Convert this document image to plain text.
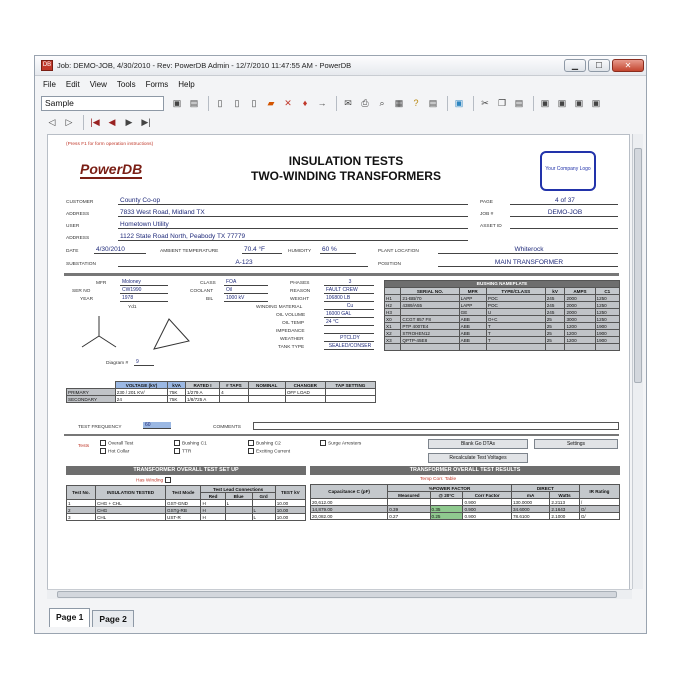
DB Job: DEMO-JOB, 4/30/2010 - Rev: PowerDB Admin - 12/7/2010 11:47:55 AM - PowerDB	▁	☐	✕
File Edit View Tools Forms Help
Sample	▣ ▤	▯	▯	▯	▰	✕	♦	→	✉	⎙	⌕	▦	?	▤	▣	✂	❐ ▤	▣ ▣ ▣ ▣
◁	▷	|◀ ◀	▶ ▶|
(Press F1 for form operation instructions)
PowerDB	INSULATION TESTS
TWO-WINDING TRANSFORMERS	Your Company Logo
CUSTOMER	County Co-op
ADDRESS	7833 West Road, Midland TX
USER	Hometown Utility
ADDRESS	1122 State Road North, Peabody TX 77779
PAGE	4 of 37
JOB #	DEMO-JOB
ASSET ID
DATE	4/30/2010	AMBIENT TEMPERATURE	70.4 °F	HUMIDITY	60 %	PLANT LOCATION	Whiterock
SUBSTATION	A-123	POSITION	MAIN TRANSFORMER
MFR	Moloney	CLASS	FOA	PHASES	3
SER NO	CW1990	COOLANT	Oil	REASON	FAULT CREW
YEAR	1978	BIL	1000 kV	WEIGHT	106800 LB
WINDING MATERIAL	Cu
OIL VOLUME	16000 GAL
OIL TEMP	24 °C
IMPEDANCE
WEATHER	PTCLDY
TANK TYPE	SEALED/CONSER
Yd1
Diagram #	9
BUSHING NAMEPLATE						
	SERIAL NO.	MFR	TYPE/CLASS	kV	AMPS	C1
H1	21-BB/70	LAPP	POC	245	2000	1250
H2	4389/A55	LAPP	POC	245	2000	1250
H3		GE	U	245	2000	1250
X0	CCGT 857 F8	ABB	O+C	25	3000	1250
X1	PTP 4007E4	ABB	T	25	1200	1900
X2	STROHEN12	ABB	T	25	1200	1900
X3	QPTP-45E8	ABB	T	25	1200	1900

	VOLTAGE (kV)	kVA	RATED I	# TAPS	NOMINAL	CHANGER	TAP SETTING
PRIMARY	230 / 201 KV/	75K	1/279 A	4		OFF LOAD	
SECONDARY	24	75K	1/8/725 A				
TEST FREQUENCY	60	COMMENTS
Tests
Overall Test
Hot Collar
Bushing C1
TTR
Bushing C2
Exciting Current
Surge Arresters	Blank Go DTAs	Settings
Recalculate Test Voltages
TRANSFORMER OVERALL TEST SET UP
Has Winding
Test No.	INSULATION TESTED	Test Mode	Test Lead Connections			TEST kV
			Red	Blue	Grd	
1	CHG + CHL	GST-GND	H	L		10.00
2	CHG	GSTg-RB	H		L	10.00
3	CHL	UST-R	H		L	10.00
TRANSFORMER OVERALL TEST RESULTS
Temp Corr. Table
Capacitance C (pF)	%POWER FACTOR			DIRECT		IR Rating
	Measured	@ 20°C	Corr Factor	mA	Watts	
20,612.00			0.900	130.0000	2.2113	/
14,879.00	0.39	0.35	0.900	34.6000	2.1643	G/
20,082.00	0.27	0.25	0.900	78.6100	2.1000	G/
Page 1	Page 2
